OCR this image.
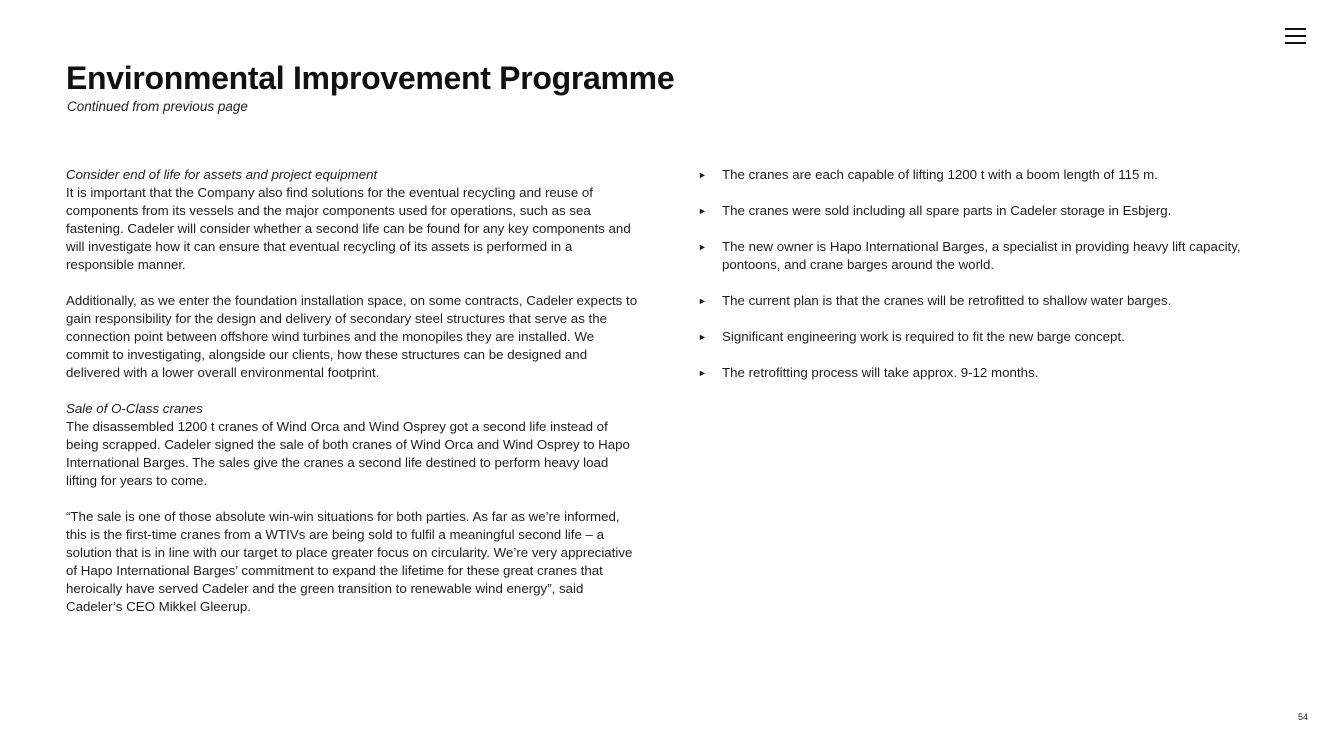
Environmental Improvement Programme

Continued from previous page

Consider end of life for assets and project equipment
It is important that the Company also find solutions for the eventual recycling and reuse of components from its vessels and the major components used for operations, such as sea fastening. Cadeler will consider whether a second life can be found for any key components and will investigate how it can ensure that eventual recycling of its assets is performed in a responsible manner.

Additionally, as we enter the foundation installation space, on some contracts, Cadeler expects to gain responsibility for the design and delivery of secondary steel structures that serve as the connection point between offshore wind turbines and the monopiles they are installed. We commit to investigating, alongside our clients, how these structures can be designed and delivered with a lower overall environmental footprint.

Sale of O-Class cranes
The disassembled 1200 t cranes of Wind Orca and Wind Osprey got a second life instead of being scrapped. Cadeler signed the sale of both cranes of Wind Orca and Wind Osprey to Hapo International Barges. The sales give the cranes a second life destined to perform heavy load lifting for years to come.

“The sale is one of those absolute win-win situations for both parties. As far as we’re informed, this is the first-time cranes from a WTIVs are being sold to fulfil a meaningful second life – a solution that is in line with our target to place greater focus on circularity. We’re very appreciative of Hapo International Barges’ commitment to expand the lifetime for these great cranes that heroically have served Cadeler and the green transition to renewable wind energy”, said Cadeler’s CEO Mikkel Gleerup.

► The cranes are each capable of lifting 1200 t with a boom length of 115 m.
► The cranes were sold including all spare parts in Cadeler storage in Esbjerg.
► The new owner is Hapo International Barges, a specialist in providing heavy lift capacity, pontoons, and crane barges around the world.
► The current plan is that the cranes will be retrofitted to shallow water barges.
► Significant engineering work is required to fit the new barge concept.
► The retrofitting process will take approx. 9-12 months.
54
